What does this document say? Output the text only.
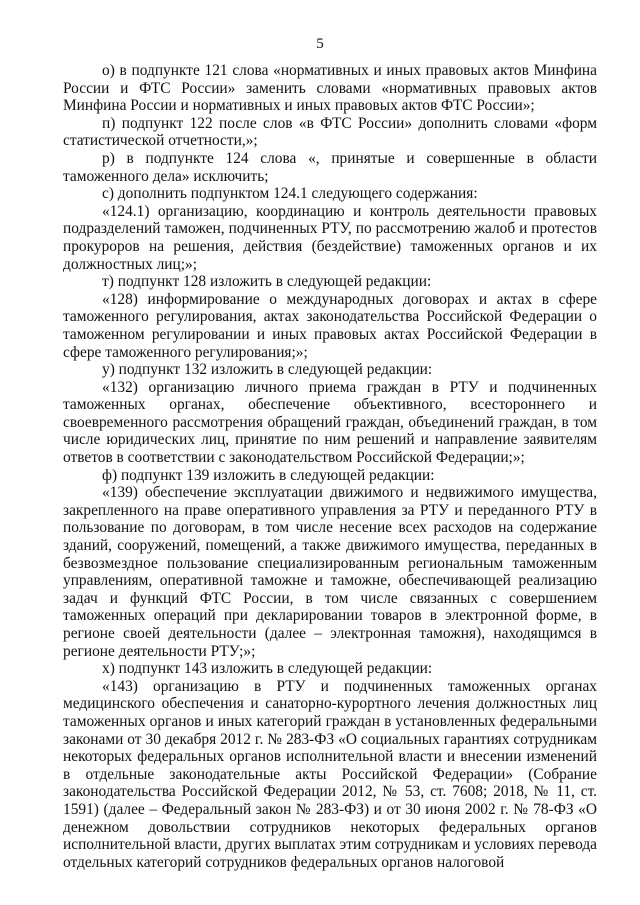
5

о) в подпункте 121 слова «нормативных и иных правовых актов Минфина России и ФТС России» заменить словами «нормативных правовых актов Минфина России и нормативных и иных правовых актов ФТС России»;

п) подпункт 122 после слов «в ФТС России» дополнить словами «форм статистической отчетности,»;

р) в подпункте 124 слова «, принятые и совершенные в области таможенного дела» исключить;

с) дополнить подпунктом 124.1 следующего содержания:

«124.1) организацию, координацию и контроль деятельности правовых подразделений таможен, подчиненных РТУ, по рассмотрению жалоб и протестов прокуроров на решения, действия (бездействие) таможенных органов и их должностных лиц;»;

т) подпункт 128 изложить в следующей редакции:

«128) информирование о международных договорах и актах в сфере таможенного регулирования, актах законодательства Российской Федерации о таможенном регулировании и иных правовых актах Российской Федерации в сфере таможенного регулирования;»;

у) подпункт 132 изложить в следующей редакции:

«132) организацию личного приема граждан в РТУ и подчиненных таможенных органах, обеспечение объективного, всестороннего и своевременного рассмотрения обращений граждан, объединений граждан, в том числе юридических лиц, принятие по ним решений и направление заявителям ответов в соответствии с законодательством Российской Федерации;»;

ф) подпункт 139 изложить в следующей редакции:

«139) обеспечение эксплуатации движимого и недвижимого имущества, закрепленного на праве оперативного управления за РТУ и переданного РТУ в пользование по договорам, в том числе несение всех расходов на содержание зданий, сооружений, помещений, а также движимого имущества, переданных в безвозмездное пользование специализированным региональным таможенным управлениям, оперативной таможне и таможне, обеспечивающей реализацию задач и функций ФТС России, в том числе связанных с совершением таможенных операций при декларировании товаров в электронной форме, в регионе своей деятельности (далее – электронная таможня), находящимся в регионе деятельности РТУ;»;

х) подпункт 143 изложить в следующей редакции:

«143) организацию в РТУ и подчиненных таможенных органах медицинского обеспечения и санаторно-курортного лечения должностных лиц таможенных органов и иных категорий граждан в установленных федеральными законами от 30 декабря 2012 г. № 283-ФЗ «О социальных гарантиях сотрудникам некоторых федеральных органов исполнительной власти и внесении изменений в отдельные законодательные акты Российской Федерации» (Собрание законодательства Российской Федерации 2012, № 53, ст. 7608; 2018, № 11, ст. 1591) (далее – Федеральный закон № 283-ФЗ) и от 30 июня 2002 г. № 78-ФЗ «О денежном довольствии сотрудников некоторых федеральных органов исполнительной власти, других выплатах этим сотрудникам и условиях перевода отдельных категорий сотрудников федеральных органов налоговой
